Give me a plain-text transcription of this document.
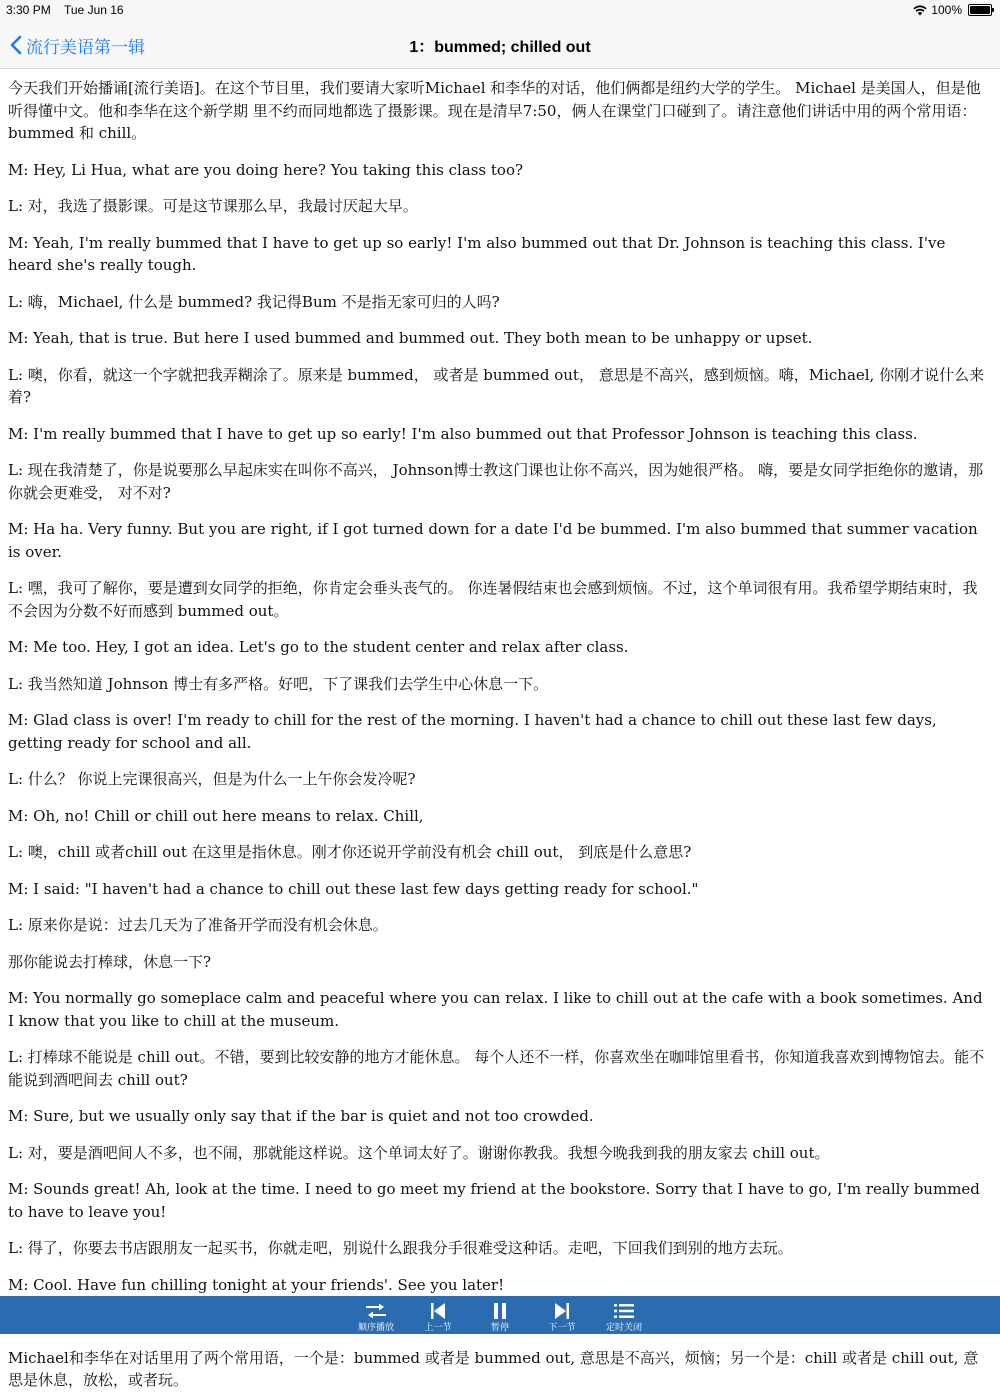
3:30 PM Tue Jun 16	100%
流行美语第一辑	1：bummed; chilled out

今天我们开始播诵[流行美语]。在这个节目里，我们要请大家听Michael 和李华的对话，他们俩都是纽约大学的学生。 Michael 是美国人，但是他听得懂中文。他和李华在这个新学期 里不约而同地都选了摄影课。现在是清早7:50，俩人在课堂门口碰到了。请注意他们讲话中用的两个常用语：bummed 和 chill。

M: Hey, Li Hua, what are you doing here? You taking this class too?

L: 对，我选了摄影课。可是这节课那么早，我最讨厌起大早。

M: Yeah, I'm really bummed that I have to get up so early! I'm also bummed out that Dr. Johnson is teaching this class. I've heard she's really tough.

L: 嗨，Michael, 什么是 bummed? 我记得Bum 不是指无家可归的人吗?

M: Yeah, that is true. But here I used bummed and bummed out. They both mean to be unhappy or upset.

L: 噢，你看，就这一个字就把我弄糊涂了。原来是 bummed， 或者是 bummed out， 意思是不高兴，感到烦恼。嗨，Michael, 你刚才说什么来着?

M: I'm really bummed that I have to get up so early! I'm also bummed out that Professor Johnson is teaching this class.

L: 现在我清楚了，你是说要那么早起床实在叫你不高兴， Johnson博士教这门课也让你不高兴，因为她很严格。 嗨，要是女同学拒绝你的邀请，那你就会更难受， 对不对?

M: Ha ha. Very funny. But you are right, if I got turned down for a date I'd be bummed. I'm also bummed that summer vacation is over.

L: 嘿，我可了解你，要是遭到女同学的拒绝，你肯定会垂头丧气的。 你连暑假结束也会感到烦恼。不过，这个单词很有用。我希望学期结束时，我不会因为分数不好而感到 bummed out。

M: Me too. Hey, I got an idea. Let's go to the student center and relax after class.

L: 我当然知道 Johnson 博士有多严格。好吧，下了课我们去学生中心休息一下。

M: Glad class is over! I'm ready to chill for the rest of the morning. I haven't had a chance to chill out these last few days, getting ready for school and all.

L: 什么？ 你说上完课很高兴，但是为什么一上午你会发冷呢?

M: Oh, no! Chill or chill out here means to relax. Chill,

L: 噢，chill 或者chill out 在这里是指休息。刚才你还说开学前没有机会 chill out， 到底是什么意思?

M: I said: "I haven't had a chance to chill out these last few days getting ready for school."

L: 原来你是说：过去几天为了准备开学而没有机会休息。

那你能说去打棒球，休息一下?

M: You normally go someplace calm and peaceful where you can relax. I like to chill out at the cafe with a book sometimes. And I know that you like to chill at the museum.

L: 打棒球不能说是 chill out。不错，要到比较安静的地方才能休息。 每个人还不一样，你喜欢坐在咖啡馆里看书，你知道我喜欢到博物馆去。能不能说到酒吧间去 chill out?

M: Sure, but we usually only say that if the bar is quiet and not too crowded.

L: 对，要是酒吧间人不多，也不闹，那就能这样说。这个单词太好了。谢谢你教我。我想今晚我到我的朋友家去 chill out。

M: Sounds great! Ah, look at the time. I need to go meet my friend at the bookstore. Sorry that I have to go, I'm really bummed to have to leave you!

L: 得了，你要去书店跟朋友一起买书，你就走吧，别说什么跟我分手很难受这种话。走吧，下回我们到别的地方去玩。

M: Cool. Have fun chilling tonight at your friends'. See you later!

Michael和李华在对话里用了两个常用语，一个是：bummed 或者是 bummed out, 意思是不高兴，烦恼；另一个是：chill 或者是 chill out, 意思是休息，放松，或者玩。

顺序播放	上一节	暂停	下一节	定时关闭
